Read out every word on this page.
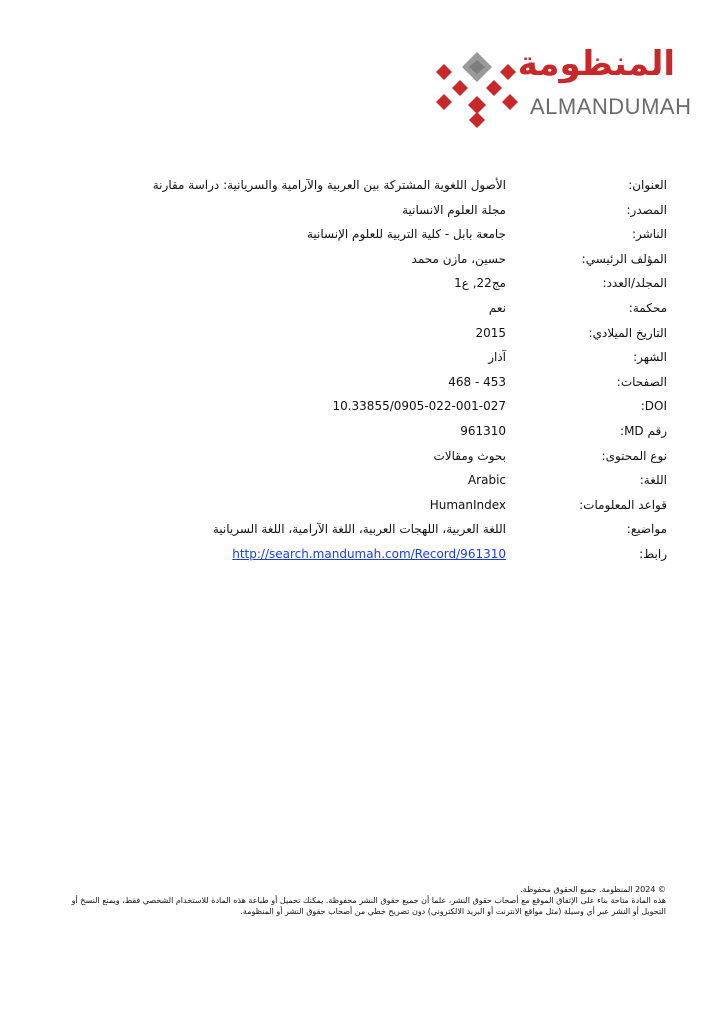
المنظومة
ALMANDUMAH
العنوان:
الأصول اللغوية المشتركة بين العربية والآرامية والسريانية: دراسة مقارنة
المصدر:
مجلة العلوم الانسانية
الناشر:
جامعة بابل - كلية التربية للعلوم الإنسانية
المؤلف الرئيسي:
حسين، مازن محمد
المجلد/العدد:
مج22, ع1
محكمة:
نعم
التاريخ الميلادي:
2015
الشهر:
آذار
الصفحات:
453 - 468
DOI:
10.33855/0905-022-001-027
رقم MD:
961310
نوع المحتوى:
بحوث ومقالات
اللغة:
Arabic
قواعد المعلومات:
HumanIndex
مواضيع:
اللغة العربية، اللهجات العربية، اللغة الآرامية، اللغة السريانية
رابط:
http://search.mandumah.com/Record/961310

© 2024 المنظومة. جميع الحقوق محفوظة.

هذه المادة متاحة بناء على الإتفاق الموقع مع أصحاب حقوق النشر، علما أن جميع حقوق النشر محفوظة. يمكنك تحميل أو طباعة هذه المادة للاستخدام الشخصي فقط، ويمنع النسخ أو التحويل أو النشر عبر أي وسيلة (مثل مواقع الانترنت أو البريد الالكتروني) دون تصريح خطي من أصحاب حقوق النشر أو المنظومة.
